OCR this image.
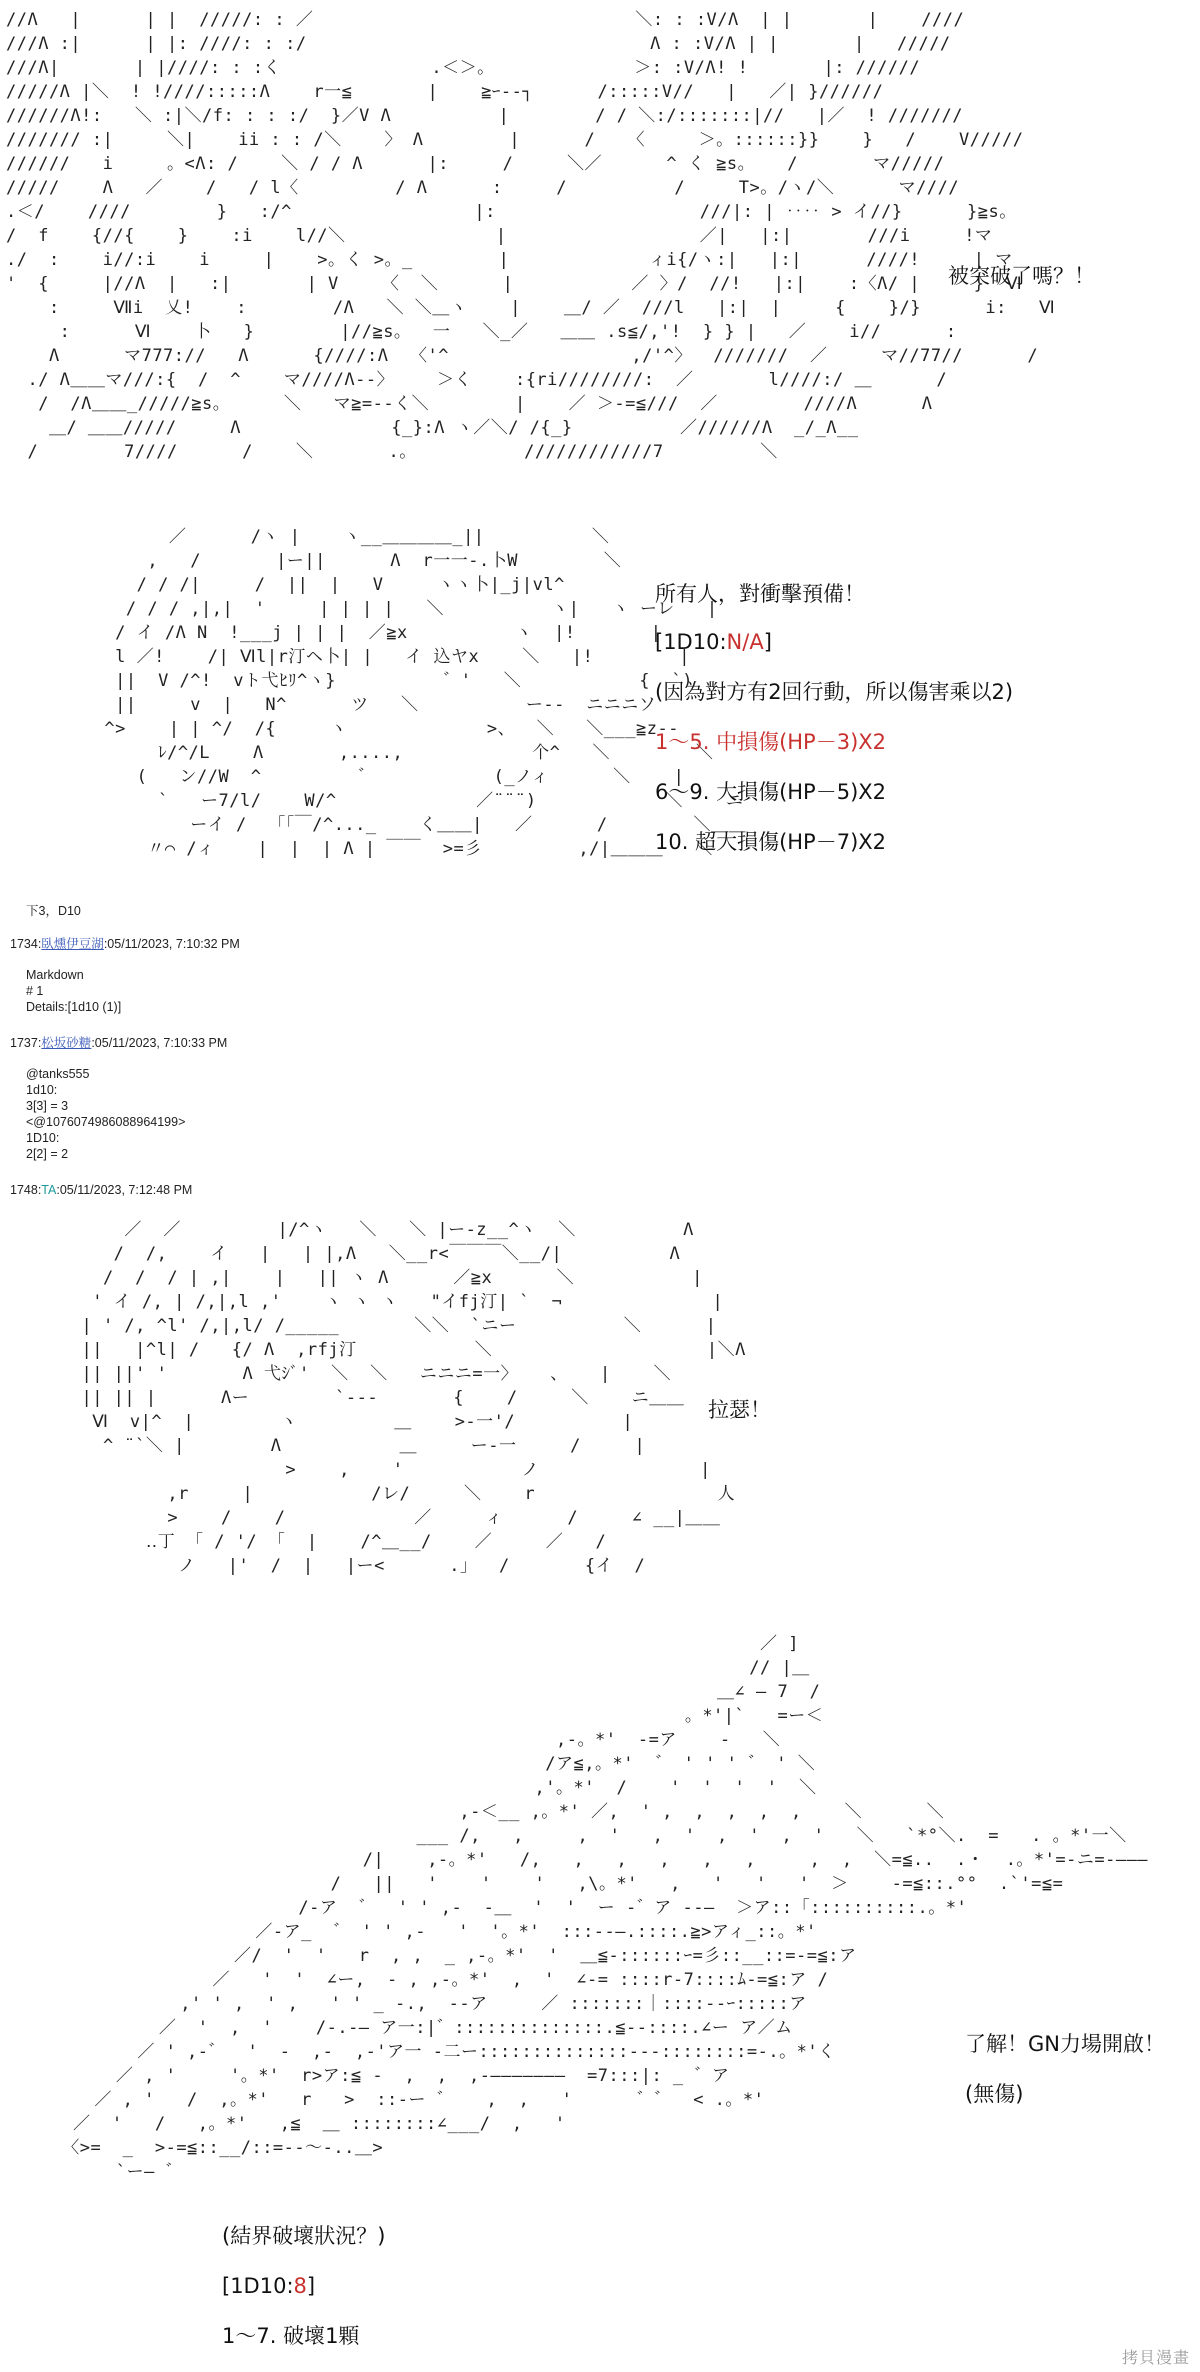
//Λ   |      | |  /////: : ／                              ＼: : :V/Λ  | |       |    ////
///Λ :|      | |: ////: : :/                                Λ : :V/Λ | |       |   /////
///Λ|       | |////: : :く              .＜＞。             ＞: :V/Λ! !       |: //////
/////Λ |＼  ! !////:::::Λ    r一≦       |    ≧ｰ--┐      /:::::V//   |   ／| }//////
//////Λ!:   ＼ :|＼/f: : : :/  }／V Λ          |        / / ＼:/:::::::|//   |／  ! ///////
/////// :|     ＼|    ii : : /＼    〉 Λ        |      /   〈     ＞。::::::}}    }   /    V/////
//////   i     。<Λ: /    ＼ / / Λ      |:     /     ＼／      ^ く ≧s。   /       マ/////
/////    Λ   ／    /   / l〈         / Λ      :     /          /     T>。/ヽ/＼      マ////
.＜/    ////        }   :/^                 |:                   ///|: | ‥‥ > イ//}      }≧s。
/  f    {//{    }    :i    l//＼              |                  ／|   |:|       ///i     !マ
./  :    i//:i    i     |    >。く >。_        |             ィi{/ヽ:|   |:|      ////!     | マ
'  {     |//Λ  |   :|       | V    〈  ＼      |           ／ 〉/  //!   |:|    :〈Λ/ |     }  Ⅵ
:     Ⅶi  乂!    :        /Λ   ＼ ＼＿ヽ    |    ＿/ ／  ///l   |:|  |     {    }/}      i:   Ⅵ
:      Ⅵ    卜   }        |//≧s。  一   ＼_／   ＿＿ .s≦/,'!  } } |   ／    i//      :
Λ      マ777://   Λ      {////:Λ  〈'^                 ,/'^〉  ///////  ／     マ//77//      /
./ Λ＿＿マ///:{  /  ^    マ////Λ--〉    ＞く    :{ri////////:  ／       l////:/ ＿      /
/  /Λ＿＿_/////≧s。     ＼   マ≧=--く＼        |    ／ ＞-=≦///  ／        ////Λ      Λ
＿/ ＿＿/////     Λ              {_}:Λ ヽ／＼/ /{_}          ／//////Λ  _/_Λ__
/        7////      /    ＼       .。          ////////////7         ＼

被突破了嗎？！
／      /ヽ |    ヽ__＿＿＿＿_||          ＼
,   /       |ー||      Λ  r一一-.卜W        ＼
/ / /|     /  ||  |   V     ヽヽ卜|_j|vl^
/ / / ,|,|  '     | | | |   ＼          ヽ|   ヽ ーレ   |
/ イ /Λ N  !___j | | |  ／≧x          ヽ  |!       |
l ／!    /| Ⅵl|r汀ヘ卜| |   イ 込ヤx    ＼   |!        |
||  V /^!  vト弋ﾋﾘ^ヽ}          ゛'   ＼           {  `)
||     v  |   N^      ツ   ＼          ー--  ニニニソ
^>    | | ^/  /{     ヽ             >、  ＼   ＼___≧z--
ﾚ/^/L    Λ       ,....,            个^   ＼        ＼
(   ン//W  ^         ゛           (_ノィ      ＼    |
`   ー7/l/    W/^             ／¨¨¨)            ＼    ニ
ーイ /  「「￣/^..._    く＿＿|   ／      /        ＼＿＿
〃⌒ /ィ    |  |  | Λ | ￣￣  >=彡         ,/|＿＿＿   ＼

所有人，對衝擊預備！
[1D10:N/A]
(因為對方有2回行動，所以傷害乘以2)
1～5. 中損傷(HP－3)X2
6～9. 大損傷(HP－5)X2
10. 超大損傷(HP－7)X2
下3，D10
1734:臥燻伊豆湖:05/11/2023, 7:10:32 PM
Markdown
# 1
Details:[1d10 (1)]
1737:松坂砂糖:05/11/2023, 7:10:33 PM
@tanks555
1d10:
3[3] = 3
<@1076074986088964199>
1D10:
2[2] = 2
1748:TA:05/11/2023, 7:12:48 PM
／  ／         |/^ヽ   ＼   ＼ |ー-z__^ヽ  ＼          Λ
/  /,    イ   |   | |,Λ   ＼__r<￣￣￣＼__/|          Λ
/  /  / | ,|    |   || ヽ Λ      ／≧x      ＼           |
' イ /, | /,|,l ,'    ヽ ヽ ヽ   "イfj汀| `  ¬              |
| ' /, ^l' /,|,l/ /_____       ＼＼  `ニー          ＼      |
||   |^l| /   {/ Λ  ,rfj汀           ＼                    |＼Λ
|| ||' '       Λ 弋ｼﾞ'  ＼  ＼   ニニニ=一〉   、   |    ＼
|| || |      Λー        `---       {    /     ＼    ニ＿＿
Ⅵ  v|^  |        ヽ         ＿    >-一'/          |
^ ¨`＼ |        Λ           ＿     ー-一     /     |
>    ,    '           ノ               |
,r     |           /レ/     ＼    r                 人
>    /    /            ／     ィ      /     ∠ __|＿＿
‥丁 「 / '/ 「  |    /^＿__/    ／     ／   /
ノ   |'  /  |   |ー<      .」  /       {イ  /

拉瑟！
／ ]
// |＿
＿∠ ― 7  /
。*'|`   =ー＜
,-。*'  -=ア    -   ＼
/ア≦,。*'  ゛ ' ' ' ゛ ' ＼
,'。*'  /    '  '  '  '  ＼
,-＜__ ,。*' ／,  ' ,  ,  ,  ,  ,    ＼      ＼
___ /,   ,     ,  '   ,  '  ,  '  ,  '   ＼   `*°＼.  =   . 。*'一＼
/|    ,-。*'   /,   ,   ,   ,   ,   ,     ,  ,  ＼=≦..  .・  .。*'=-ニ=-―――
/   ||   '    '    '   ,\。*'   ,   '   '   '  ＞    -=≦::.°°  .`'=≦=
/-ア  ゛  ' ' ,-  -＿  '  '  ー -゛ア --―  ＞ア::「::::::::::.。*'
／-ア_  ゛ ' ' ,-   '  '。*'  :::--―.::::.≧>アィ_::。*'
／/  '  '   r  , ,  _ ,-。*'  '  ＿≦-::::::ｰ=彡::__::=-=≦:ア
／   '  '  ∠ー,  - , ,-。*'  ,  '  ∠-= ::::r-7::::ﾑ-=≦:ア /
,' ' ,  ' ,   ' ' _ -.,  --ア     ／ :::::::｜::::--ｰ:::::ア
／  '  ,  '    /-.-― ア一:|゛::::::::::::::.≦--::::.∠ー ア／ム
／ ' ,-゛  '  -  ,-  ,-'ア一 -二ー::::::::::::::---::::::::=-.。*'く
／ , '     '。*'  r>ア:≦ -  ,  ,  ,-―――――――  =7:::|: _ ゛ア
／ , '   /  ,。*'   r   >  ::-ー ゛   ,  ,   '      ゛゛  < .。*'
／  '   /   ,。*'   ,≦  ＿ ::::::::∠___/  ,   '
〈>=  _  >-=≦::__/::=--〜-..＿>
`ー― ゛

了解！GN力場開啟！
(無傷)
(結界破壞狀況？)
[1D10:8]
1～7. 破壞1顆
拷貝漫畫
